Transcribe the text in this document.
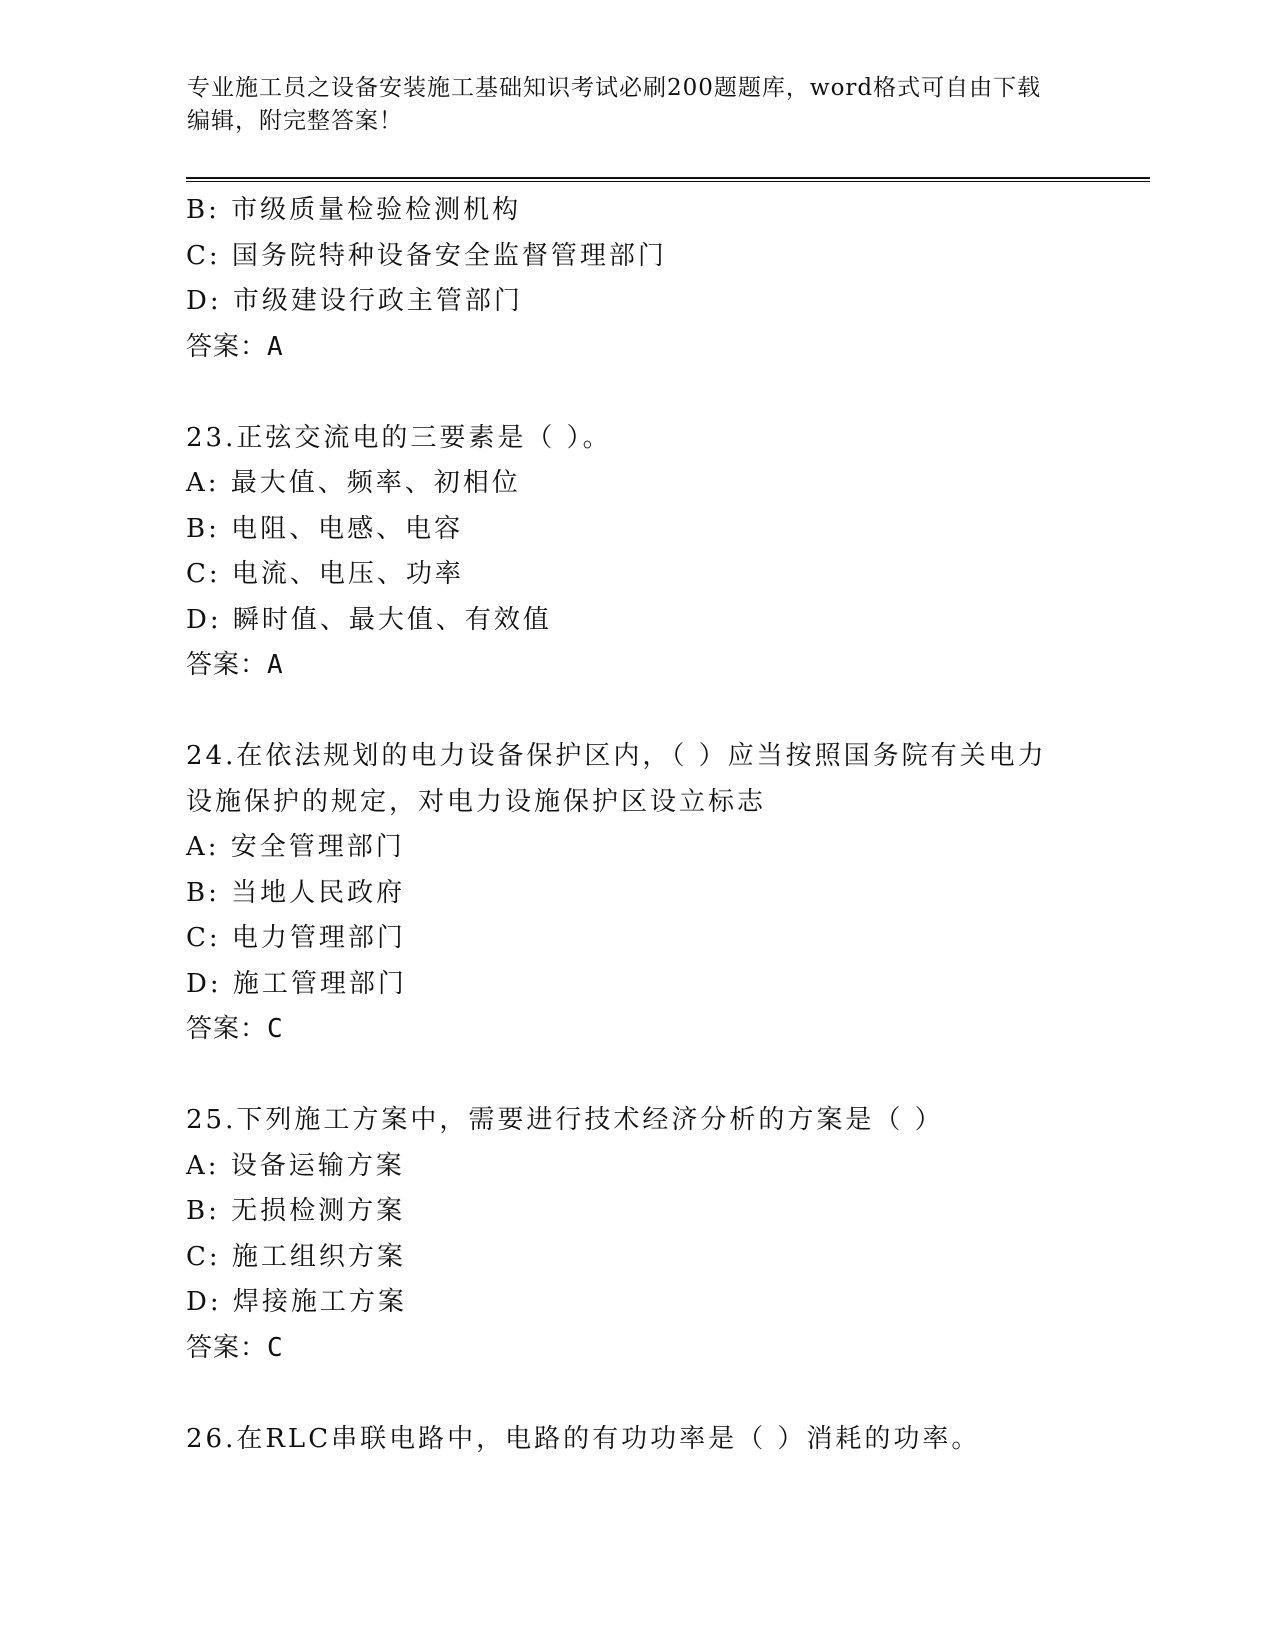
专业施工员之设备安装施工基础知识考试必刷200题题库，word格式可自由下载
编辑，附完整答案！
B: 市级质量检验检测机构
C: 国务院特种设备安全监督管理部门
D: 市级建设行政主管部门
答案：A
23.正弦交流电的三要素是（ ）。
A: 最大值、频率、初相位
B: 电阻、电感、电容
C: 电流、电压、功率
D: 瞬时值、最大值、有效值
答案：A
24.在依法规划的电力设备保护区内，（ ）应当按照国务院有关电力
设施保护的规定，对电力设施保护区设立标志
A: 安全管理部门
B: 当地人民政府
C: 电力管理部门
D: 施工管理部门
答案：C
25.下列施工方案中，需要进行技术经济分析的方案是（ ）
A: 设备运输方案
B: 无损检测方案
C: 施工组织方案
D: 焊接施工方案
答案：C
26.在RLC串联电路中，电路的有功功率是（ ）消耗的功率。
